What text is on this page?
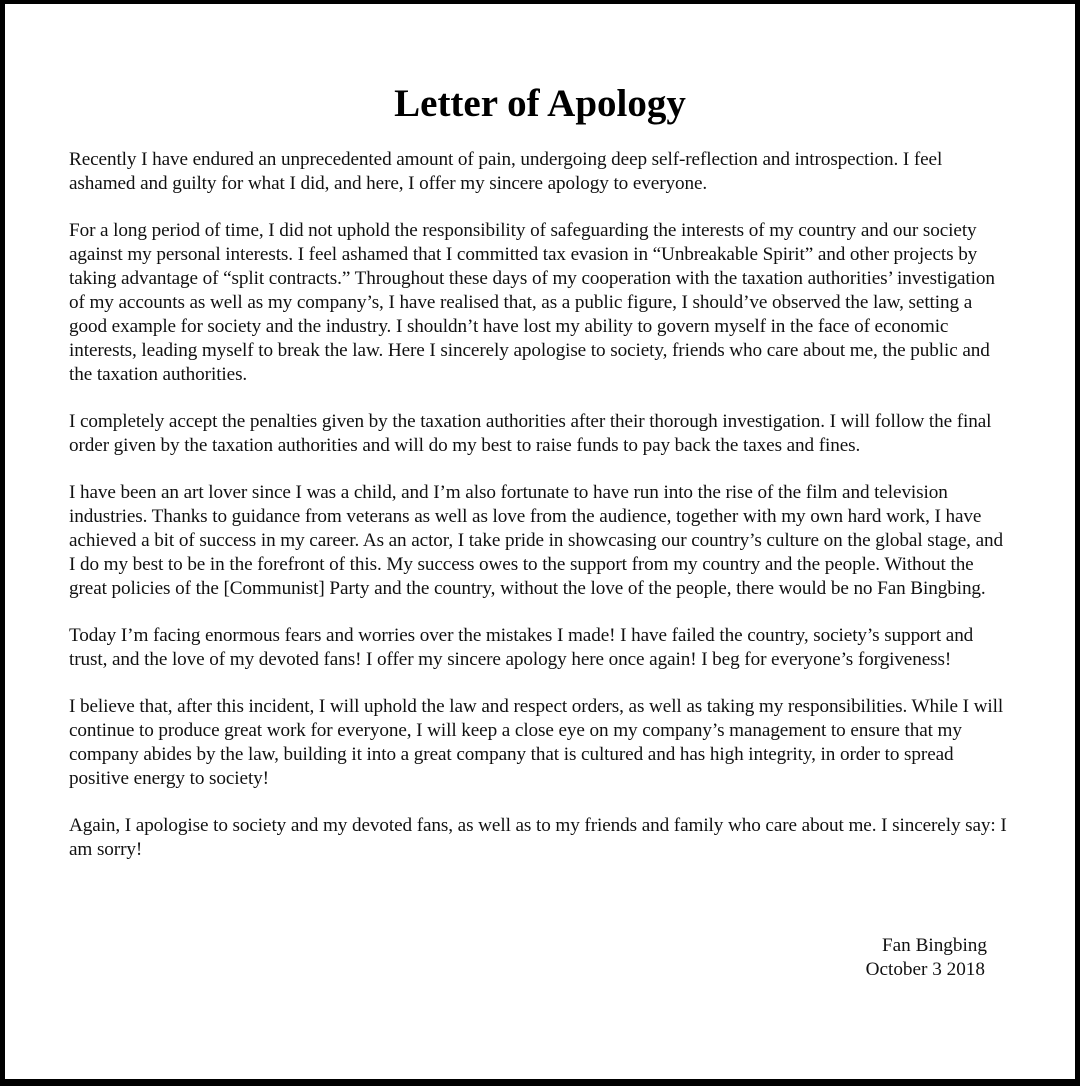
Letter of Apology

Recently I have endured an unprecedented amount of pain, undergoing deep self-reflection and introspection. I feel ashamed and guilty for what I did, and here, I offer my sincere apology to everyone.

For a long period of time, I did not uphold the responsibility of safeguarding the interests of my country and our society against my personal interests. I feel ashamed that I committed tax evasion in “Unbreakable Spirit” and other projects by taking advantage of “split contracts.” Throughout these days of my cooperation with the taxation authorities’ investigation of my accounts as well as my company’s, I have realised that, as a public figure, I should’ve observed the law, setting a good example for society and the industry. I shouldn’t have lost my ability to govern myself in the face of economic interests, leading myself to break the law. Here I sincerely apologise to society, friends who care about me, the public and the taxation authorities.

I completely accept the penalties given by the taxation authorities after their thorough investigation. I will follow the final order given by the taxation authorities and will do my best to raise funds to pay back the taxes and fines.

I have been an art lover since I was a child, and I’m also fortunate to have run into the rise of the film and television industries. Thanks to guidance from veterans as well as love from the audience, together with my own hard work, I have achieved a bit of success in my career. As an actor, I take pride in showcasing our country’s culture on the global stage, and I do my best to be in the forefront of this. My success owes to the support from my country and the people. Without the great policies of the [Communist] Party and the country, without the love of the people, there would be no Fan Bingbing.

Today I’m facing enormous fears and worries over the mistakes I made! I have failed the country, society’s support and trust, and the love of my devoted fans! I offer my sincere apology here once again! I beg for everyone’s forgiveness!

I believe that, after this incident, I will uphold the law and respect orders, as well as taking my responsibilities. While I will continue to produce great work for everyone, I will keep a close eye on my company’s management to ensure that my company abides by the law, building it into a great company that is cultured and has high integrity, in order to spread positive energy to society!

Again, I apologise to society and my devoted fans, as well as to my friends and family who care about me. I sincerely say: I am sorry!

Fan Bingbing
October 3 2018
